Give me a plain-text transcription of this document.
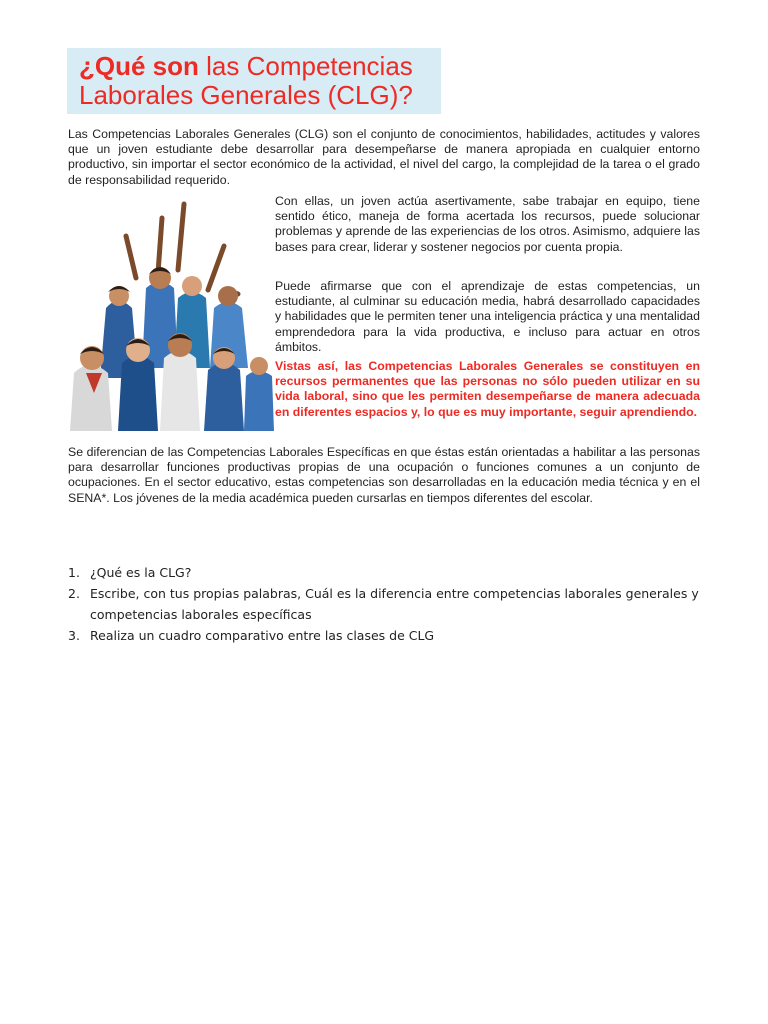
¿Qué son las Competencias
Laborales Generales (CLG)?

Las Competencias Laborales Generales (CLG) son el conjunto de conocimientos, habilidades, actitudes y valores que un joven estudiante debe desarrollar para desempeñarse de manera apropiada en cualquier entorno productivo, sin importar el sector económico de la actividad, el nivel del cargo, la complejidad de la tarea o el grado de responsabilidad requerido.

Con ellas, un joven actúa asertivamente, sabe trabajar en equipo, tiene sentido ético, maneja de forma acertada los recursos, puede solucionar problemas y aprende de las experiencias de los otros. Asimismo, adquiere las bases para crear, liderar y sostener negocios por cuenta propia.

Puede afirmarse que con el aprendizaje de estas competencias, un estudiante, al culminar su educación media, habrá desarrollado capacidades y habilidades que le permiten tener una inteligencia práctica y una mentalidad emprendedora para la vida productiva, e incluso para actuar en otros ámbitos.

Vistas así, las Competencias Laborales Generales se constituyen en recursos permanentes que las personas no sólo pueden utilizar en su vida laboral, sino que les permiten desempeñarse de manera adecuada en diferentes espacios y, lo que es muy importante, seguir aprendiendo.

Se diferencian de las Competencias Laborales Específicas en que éstas están orientadas a habilitar a las personas para desarrollar funciones productivas propias de una ocupación o funciones comunes a un conjunto de ocupaciones. En el sector educativo, estas competencias son desarrolladas en la educación media técnica y en el SENA*. Los jóvenes de la media académica pueden cursarlas en tiempos diferentes del escolar.

1. ¿Qué es la CLG?
2. Escribe, con tus propias palabras, Cuál es la diferencia entre competencias laborales generales y competencias laborales específicas
3. Realiza un cuadro comparativo entre las clases de CLG
